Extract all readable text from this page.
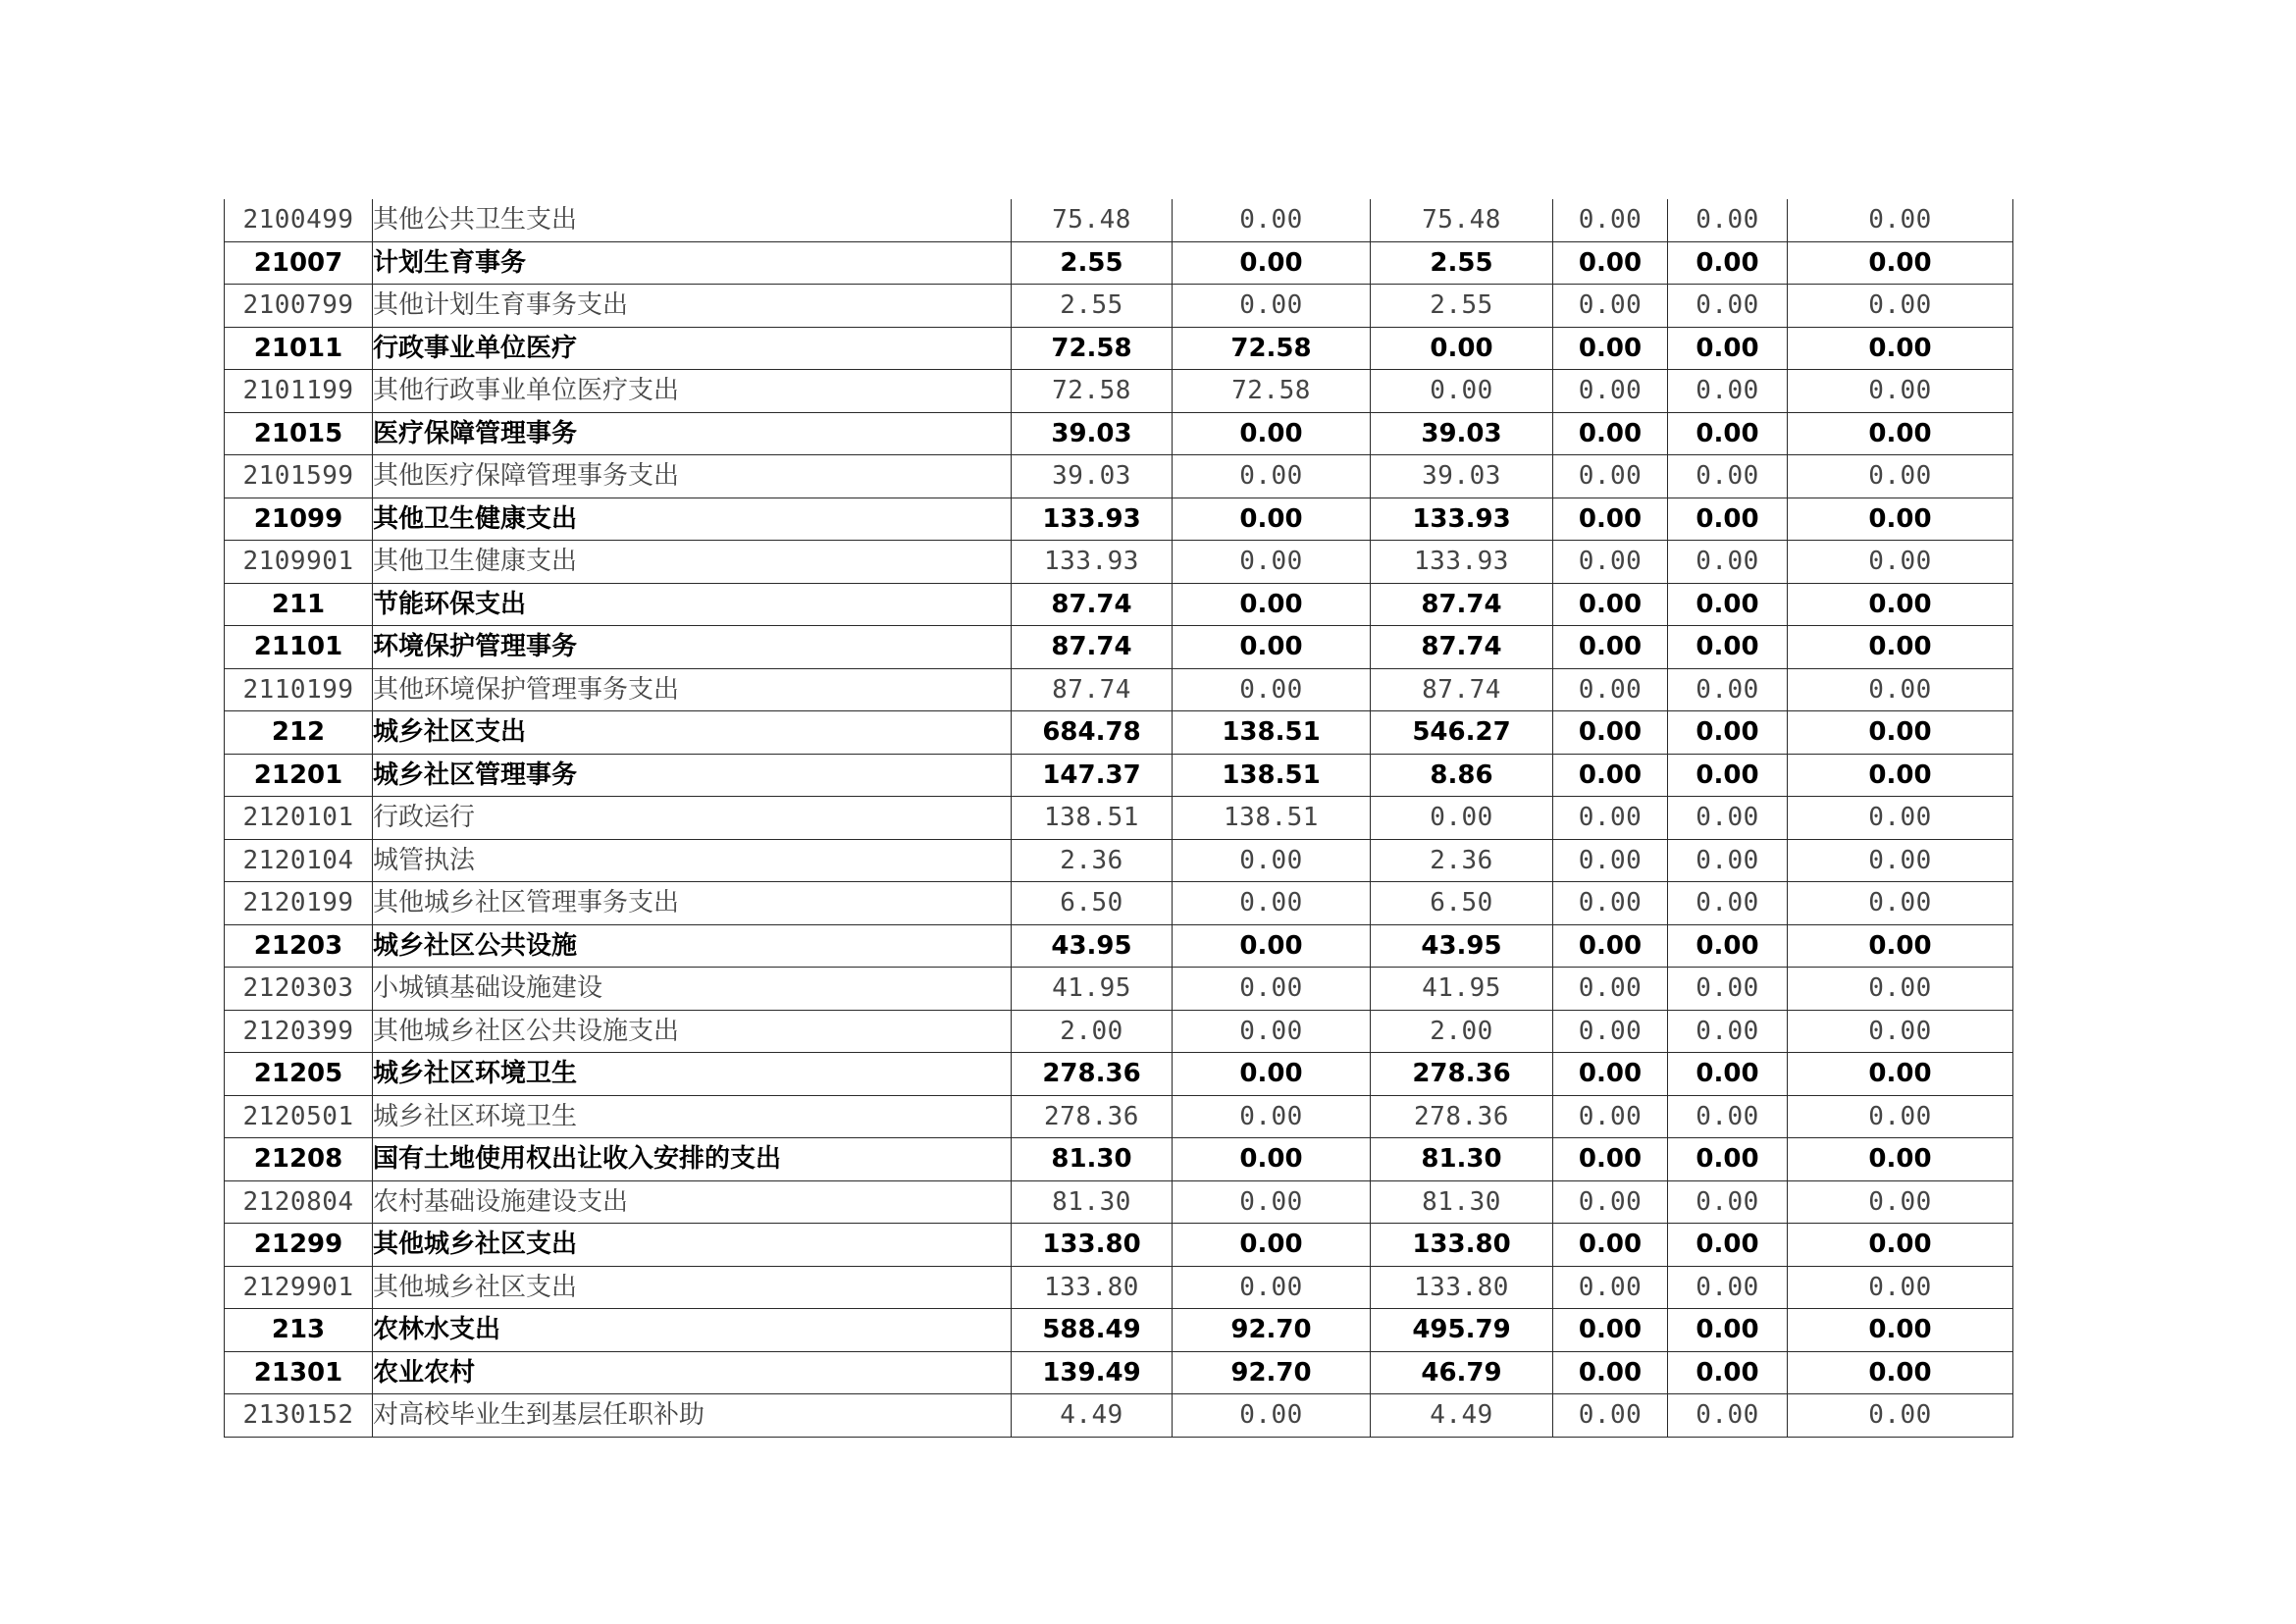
2100499	其他公共卫生支出	75.48	0.00	75.48	0.00	0.00	0.00
21007	计划生育事务	2.55	0.00	2.55	0.00	0.00	0.00
2100799	其他计划生育事务支出	2.55	0.00	2.55	0.00	0.00	0.00
21011	行政事业单位医疗	72.58	72.58	0.00	0.00	0.00	0.00
2101199	其他行政事业单位医疗支出	72.58	72.58	0.00	0.00	0.00	0.00
21015	医疗保障管理事务	39.03	0.00	39.03	0.00	0.00	0.00
2101599	其他医疗保障管理事务支出	39.03	0.00	39.03	0.00	0.00	0.00
21099	其他卫生健康支出	133.93	0.00	133.93	0.00	0.00	0.00
2109901	其他卫生健康支出	133.93	0.00	133.93	0.00	0.00	0.00
211	节能环保支出	87.74	0.00	87.74	0.00	0.00	0.00
21101	环境保护管理事务	87.74	0.00	87.74	0.00	0.00	0.00
2110199	其他环境保护管理事务支出	87.74	0.00	87.74	0.00	0.00	0.00
212	城乡社区支出	684.78	138.51	546.27	0.00	0.00	0.00
21201	城乡社区管理事务	147.37	138.51	8.86	0.00	0.00	0.00
2120101	行政运行	138.51	138.51	0.00	0.00	0.00	0.00
2120104	城管执法	2.36	0.00	2.36	0.00	0.00	0.00
2120199	其他城乡社区管理事务支出	6.50	0.00	6.50	0.00	0.00	0.00
21203	城乡社区公共设施	43.95	0.00	43.95	0.00	0.00	0.00
2120303	小城镇基础设施建设	41.95	0.00	41.95	0.00	0.00	0.00
2120399	其他城乡社区公共设施支出	2.00	0.00	2.00	0.00	0.00	0.00
21205	城乡社区环境卫生	278.36	0.00	278.36	0.00	0.00	0.00
2120501	城乡社区环境卫生	278.36	0.00	278.36	0.00	0.00	0.00
21208	国有土地使用权出让收入安排的支出	81.30	0.00	81.30	0.00	0.00	0.00
2120804	农村基础设施建设支出	81.30	0.00	81.30	0.00	0.00	0.00
21299	其他城乡社区支出	133.80	0.00	133.80	0.00	0.00	0.00
2129901	其他城乡社区支出	133.80	0.00	133.80	0.00	0.00	0.00
213	农林水支出	588.49	92.70	495.79	0.00	0.00	0.00
21301	农业农村	139.49	92.70	46.79	0.00	0.00	0.00
2130152	对高校毕业生到基层任职补助	4.49	0.00	4.49	0.00	0.00	0.00
